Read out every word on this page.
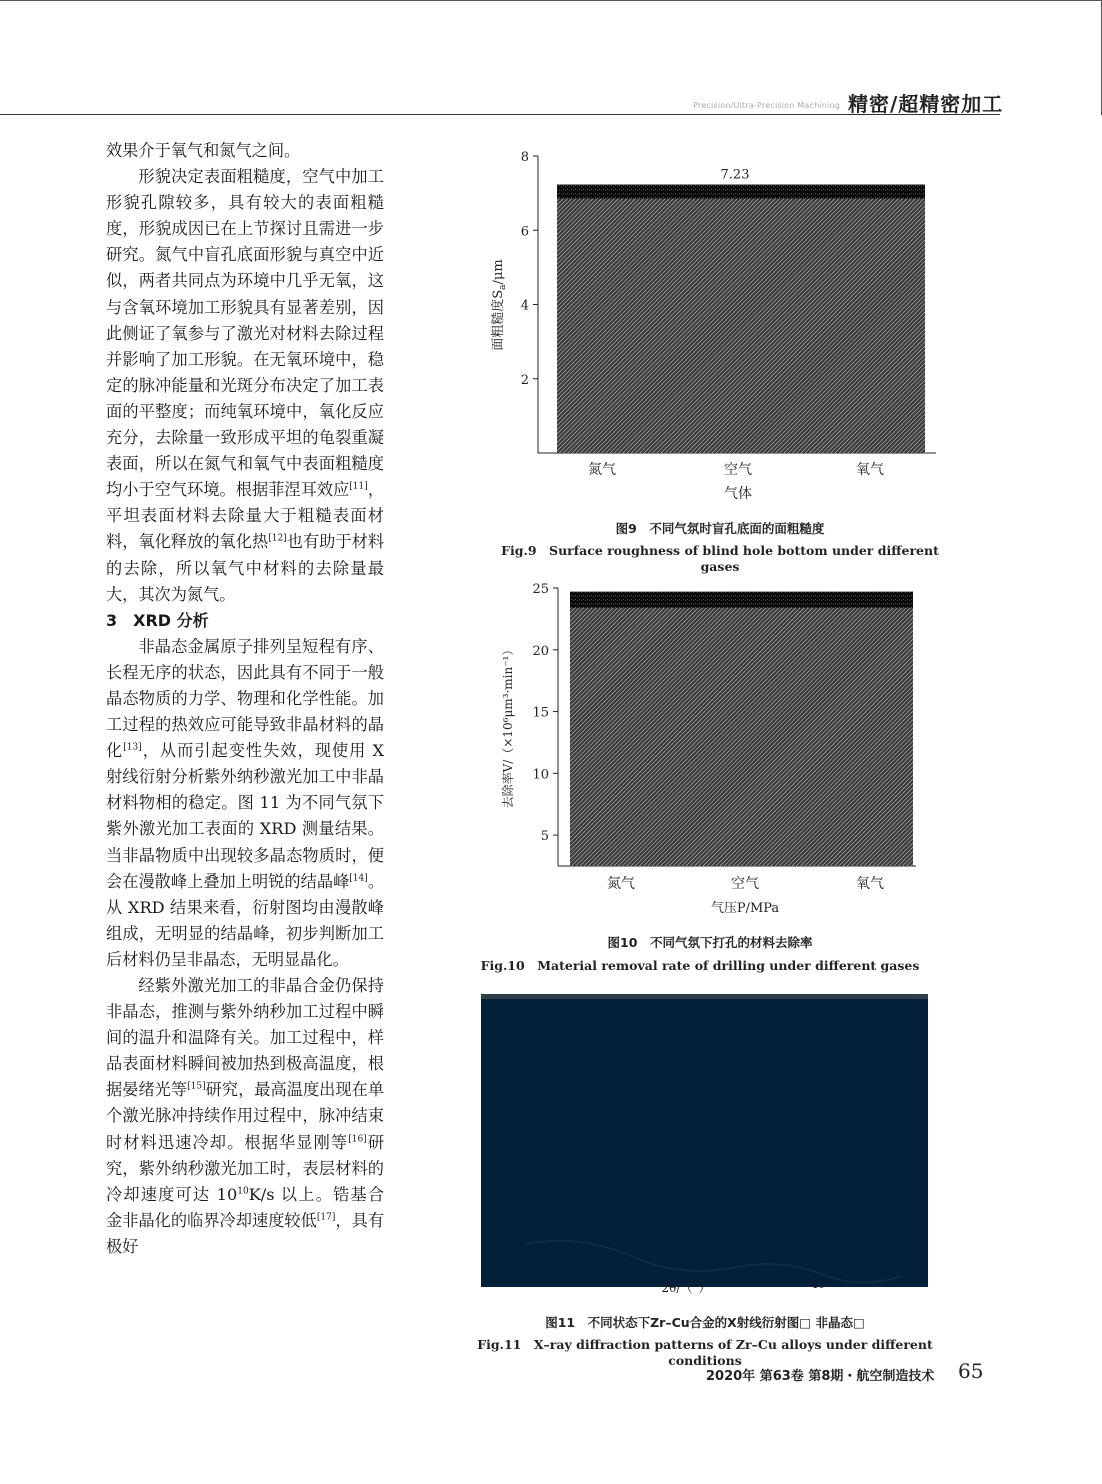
Precision/Ultra-Precision Machining 精密/超精密加工

效果介于氧气和氮气之间。

形貌决定表面粗糙度，空气中加工形貌孔隙较多，具有较大的表面粗糙度，形貌成因已在上节探讨且需进一步研究。氮气中盲孔底面形貌与真空中近似，两者共同点为环境中几乎无氧，这与含氧环境加工形貌具有显著差别，因此侧证了氧参与了激光对材料去除过程并影响了加工形貌。在无氧环境中，稳定的脉冲能量和光斑分布决定了加工表面的平整度；而纯氧环境中，氧化反应充分，去除量一致形成平坦的龟裂重凝表面，所以在氮气和氧气中表面粗糙度均小于空气环境。根据菲涅耳效应[11]，平坦表面材料去除量大于粗糙表面材料，氧化释放的氧化热[12]也有助于材料的去除，所以氧气中材料的去除量最大，其次为氮气。

3　XRD 分析

非晶态金属原子排列呈短程有序、长程无序的状态，因此具有不同于一般晶态物质的力学、物理和化学性能。加工过程的热效应可能导致非晶材料的晶化[13]，从而引起变性失效，现使用 X 射线衍射分析紫外纳秒激光加工中非晶材料物相的稳定。图 11 为不同气氛下紫外激光加工表面的 XRD 测量结果。当非晶物质中出现较多晶态物质时，便会在漫散峰上叠加上明锐的结晶峰[14]。从 XRD 结果来看，衍射图均由漫散峰组成，无明显的结晶峰，初步判断加工后材料仍呈非晶态，无明显晶化。

经紫外激光加工的非晶合金仍保持非晶态，推测与紫外纳秒加工过程中瞬间的温升和温降有关。加工过程中，样品表面材料瞬间被加热到极高温度，根据晏绪光等[15]研究，最高温度出现在单个激光脉冲持续作用过程中，脉冲结束时材料迅速冷却。根据华显刚等[16]研究，紫外纳秒激光加工时，表层材料的冷却速度可达 $10^{10}K/s$ 以上。锆基合金非晶化的临界冷却速度较低[17]，具有极好

2
4
6
8
7.23
氮气	空气	氧气
气体
面粗糙度$S_a/\mu m$
图9　不同气氛时盲孔底面的面粗糙度
Fig.9　Surface roughness of blind hole bottom under different gases
5
10
15
20
25
氮气	空气	氧气
气压P/MPa
去除率V/（×10⁶μm³·min⁻¹）
图10　不同气氛下打孔的材料去除率
Fig.10　Material removal rate of drilling under different gases
2θ/（°）	40
图11　不同状态下Zr–Cu合金的X射线衍射图□ 非晶态□
Fig.11　X–ray diffraction patterns of Zr–Cu alloys under different conditions
2020年 第63卷 第8期・航空制造技术 65
